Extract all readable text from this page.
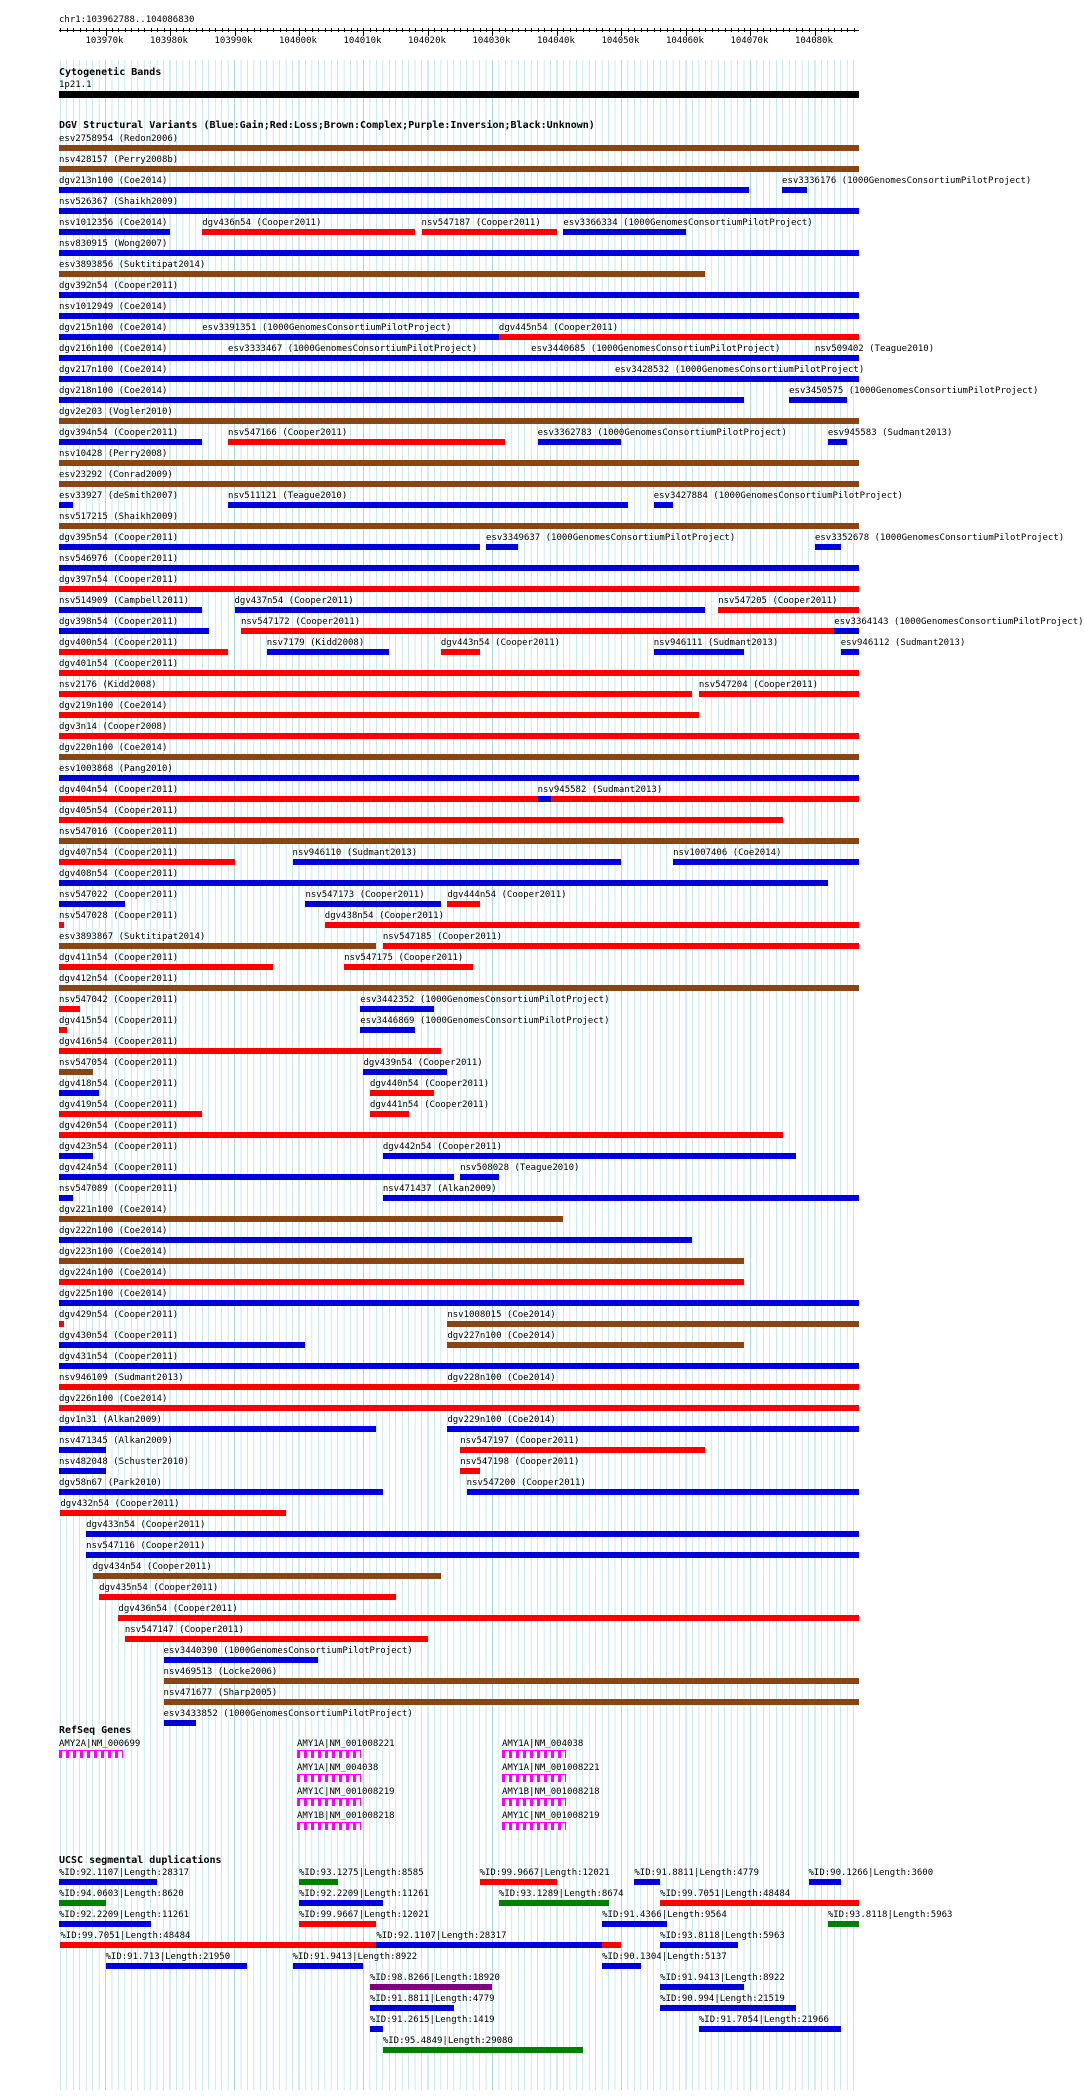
chr1:103962788..104086830
103970k	103980k	103990k	104000k	104010k	104020k	104030k	104040k	104050k	104060k	104070k	104080k
Cytogenetic Bands
1p21.1
DGV Structural Variants (Blue:Gain;Red:Loss;Brown:Complex;Purple:Inversion;Black:Unknown)
esv2758954 (Redon2006)
nsv428157 (Perry2008b)
dgv213n100 (Coe2014)	esv3336176 (1000GenomesConsortiumPilotProject)
nsv526367 (Shaikh2009)
nsv1012356 (Coe2014)	dgv436n54 (Cooper2011)	nsv547187 (Cooper2011)	esv3366334 (1000GenomesConsortiumPilotProject)
nsv830915 (Wong2007)
esv3893856 (Suktitipat2014)
dgv392n54 (Cooper2011)
nsv1012949 (Coe2014)
dgv215n100 (Coe2014)	esv3391351 (1000GenomesConsortiumPilotProject)	dgv445n54 (Cooper2011)
dgv216n100 (Coe2014)	esv3333467 (1000GenomesConsortiumPilotProject)	esv3440685 (1000GenomesConsortiumPilotProject)	nsv509402 (Teague2010)
dgv217n100 (Coe2014)	esv3428532 (1000GenomesConsortiumPilotProject)
dgv218n100 (Coe2014)	esv3450575 (1000GenomesConsortiumPilotProject)
dgv2e203 (Vogler2010)
dgv394n54 (Cooper2011)	nsv547166 (Cooper2011)	esv3362783 (1000GenomesConsortiumPilotProject)	esv945583 (Sudmant2013)
nsv10428 (Perry2008)
esv23292 (Conrad2009)
esv33927 (deSmith2007)	nsv511121 (Teague2010)	esv3427884 (1000GenomesConsortiumPilotProject)
nsv517215 (Shaikh2009)
dgv395n54 (Cooper2011)	esv3349637 (1000GenomesConsortiumPilotProject)	esv3352678 (1000GenomesConsortiumPilotProject)
nsv546976 (Cooper2011)
dgv397n54 (Cooper2011)
nsv514909 (Campbell2011)	dgv437n54 (Cooper2011)	nsv547205 (Cooper2011)
dgv398n54 (Cooper2011)	nsv547172 (Cooper2011)	esv3364143 (1000GenomesConsortiumPilotProject)
dgv400n54 (Cooper2011)	nsv7179 (Kidd2008)	dgv443n54 (Cooper2011)	nsv946111 (Sudmant2013)	esv946112 (Sudmant2013)
dgv401n54 (Cooper2011)
nsv2176 (Kidd2008)	nsv547204 (Cooper2011)
dgv219n100 (Coe2014)
dgv3n14 (Cooper2008)
dgv220n100 (Coe2014)
esv1003868 (Pang2010)
dgv404n54 (Cooper2011)	nsv945582 (Sudmant2013)
dgv405n54 (Cooper2011)
nsv547016 (Cooper2011)
dgv407n54 (Cooper2011)	nsv946110 (Sudmant2013)	nsv1007406 (Coe2014)
dgv408n54 (Cooper2011)
nsv547022 (Cooper2011)	nsv547173 (Cooper2011)	dgv444n54 (Cooper2011)
nsv547028 (Cooper2011)	dgv438n54 (Cooper2011)
esv3893867 (Suktitipat2014)	nsv547185 (Cooper2011)
dgv411n54 (Cooper2011)	nsv547175 (Cooper2011)
dgv412n54 (Cooper2011)
nsv547042 (Cooper2011)	esv3442352 (1000GenomesConsortiumPilotProject)
dgv415n54 (Cooper2011)	esv3446869 (1000GenomesConsortiumPilotProject)
dgv416n54 (Cooper2011)
nsv547054 (Cooper2011)	dgv439n54 (Cooper2011)
dgv418n54 (Cooper2011)	dgv440n54 (Cooper2011)
dgv419n54 (Cooper2011)	dgv441n54 (Cooper2011)
dgv420n54 (Cooper2011)
dgv423n54 (Cooper2011)	dgv442n54 (Cooper2011)
dgv424n54 (Cooper2011)	nsv508028 (Teague2010)
nsv547089 (Cooper2011)	nsv471437 (Alkan2009)
dgv221n100 (Coe2014)
dgv222n100 (Coe2014)
dgv223n100 (Coe2014)
dgv224n100 (Coe2014)
dgv225n100 (Coe2014)
dgv429n54 (Cooper2011)	nsv1008015 (Coe2014)
dgv430n54 (Cooper2011)	dgv227n100 (Coe2014)
dgv431n54 (Cooper2011)
nsv946109 (Sudmant2013)	dgv228n100 (Coe2014)
dgv226n100 (Coe2014)
dgv1n31 (Alkan2009)	dgv229n100 (Coe2014)
nsv471345 (Alkan2009)	nsv547197 (Cooper2011)
nsv482048 (Schuster2010)	nsv547198 (Cooper2011)
dgv58n67 (Park2010)	nsv547200 (Cooper2011)
dgv432n54 (Cooper2011)
dgv433n54 (Cooper2011)
nsv547116 (Cooper2011)
dgv434n54 (Cooper2011)
dgv435n54 (Cooper2011)
dgv436n54 (Cooper2011)
nsv547147 (Cooper2011)
esv3440390 (1000GenomesConsortiumPilotProject)
nsv469513 (Locke2006)
nsv471677 (Sharp2005)
esv3433852 (1000GenomesConsortiumPilotProject)
RefSeq Genes
AMY2A|NM_000699	AMY1A|NM_001008221
AMY1A|NM_004038
AMY1C|NM_001008219
AMY1B|NM_001008218
AMY1A|NM_004038
AMY1A|NM_001008221
AMY1B|NM_001008218
AMY1C|NM_001008219
UCSC segmental duplications
%ID:92.1107|Length:28317	%ID:93.1275|Length:8585	%ID:99.9667|Length:12021	%ID:91.8811|Length:4779	%ID:90.1266|Length:3600
%ID:94.0603|Length:8620	%ID:92.2209|Length:11261	%ID:93.1289|Length:8674	%ID:99.7051|Length:48484
%ID:92.2209|Length:11261	%ID:99.9667|Length:12021	%ID:91.4366|Length:9564	%ID:93.8118|Length:5963
%ID:99.7051|Length:48484	%ID:92.1107|Length:28317	%ID:93.8118|Length:5963
%ID:91.713|Length:21950	%ID:91.9413|Length:8922	%ID:90.1304|Length:5137
%ID:98.8266|Length:18920	%ID:91.9413|Length:8922
%ID:91.8811|Length:4779	%ID:90.994|Length:21519
%ID:91.2615|Length:1419	%ID:91.7054|Length:21966
%ID:95.4849|Length:29080
